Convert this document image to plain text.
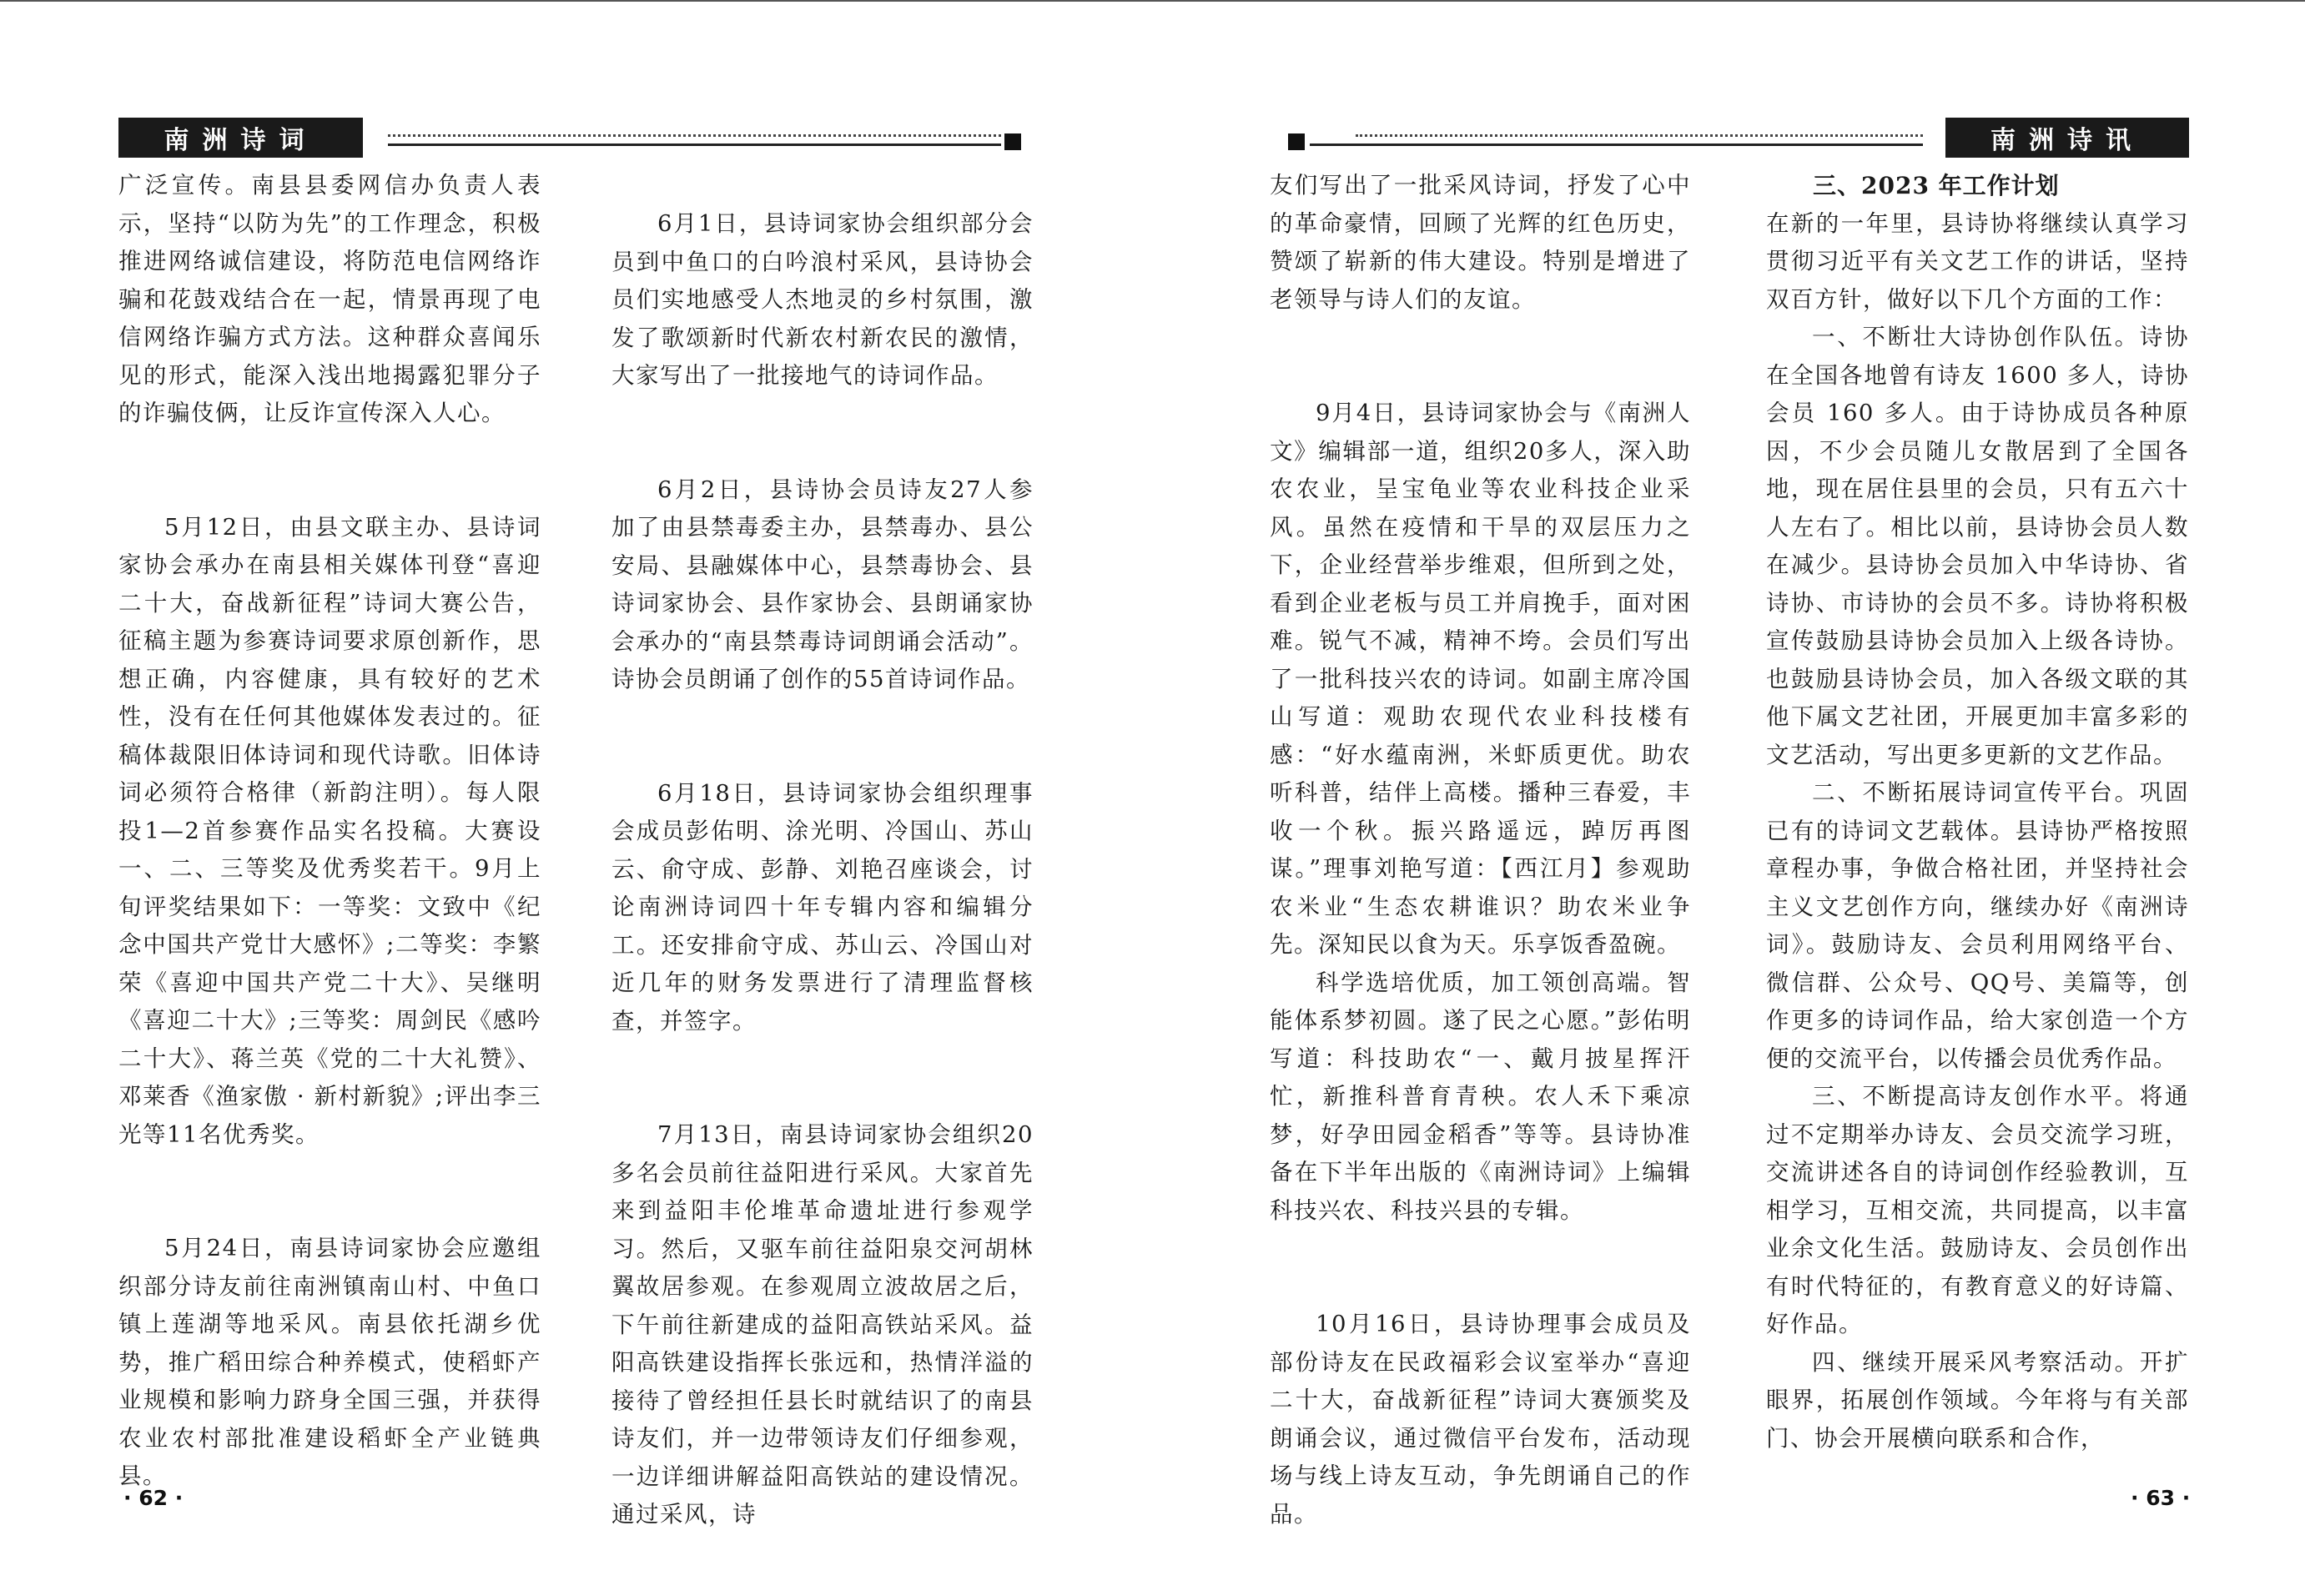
南洲诗词

广泛宣传。南县县委网信办负责人表示，坚持“以防为先”的工作理念，积极推进网络诚信建设，将防范电信网络诈骗和花鼓戏结合在一起，情景再现了电信网络诈骗方式方法。这种群众喜闻乐见的形式，能深入浅出地揭露犯罪分子的诈骗伎俩，让反诈宣传深入人心。

5月12日，由县文联主办、县诗词家协会承办在南县相关媒体刊登“喜迎二十大，奋战新征程”诗词大赛公告，征稿主题为参赛诗词要求原创新作，思想正确，内容健康，具有较好的艺术性，没有在任何其他媒体发表过的。征稿体裁限旧体诗词和现代诗歌。旧体诗词必须符合格律（新韵注明）。每人限投1—2首参赛作品实名投稿。大赛设一、二、三等奖及优秀奖若干。9月上旬评奖结果如下：一等奖：文致中《纪念中国共产党廿大感怀》;二等奖：李繁荣《喜迎中国共产党二十大》、吴继明《喜迎二十大》;三等奖：周剑民《感吟二十大》、蒋兰英《党的二十大礼赞》、邓莱香《渔家傲 · 新村新貌》;评出李三光等11名优秀奖。

5月24日，南县诗词家协会应邀组织部分诗友前往南洲镇南山村、中鱼口镇上莲湖等地采风。南县依托湖乡优势，推广稻田综合种养模式，使稻虾产业规模和影响力跻身全国三强，并获得农业农村部批准建设稻虾全产业链典县。

6月1日，县诗词家协会组织部分会员到中鱼口的白吟浪村采风，县诗协会员们实地感受人杰地灵的乡村氛围，激发了歌颂新时代新农村新农民的激情，大家写出了一批接地气的诗词作品。

6月2日，县诗协会员诗友27人参加了由县禁毒委主办，县禁毒办、县公安局、县融媒体中心，县禁毒协会、县诗词家协会、县作家协会、县朗诵家协会承办的“南县禁毒诗词朗诵会活动”。诗协会员朗诵了创作的55首诗词作品。

6月18日，县诗词家协会组织理事会成员彭佑明、涂光明、冷国山、苏山云、俞守成、彭静、刘艳召座谈会，讨论南洲诗词四十年专辑内容和编辑分工。还安排俞守成、苏山云、冷国山对近几年的财务发票进行了清理监督核查，并签字。

7月13日，南县诗词家协会组织20多名会员前往益阳进行采风。大家首先来到益阳丰伦堆革命遗址进行参观学习。然后，又驱车前往益阳泉交河胡林翼故居参观。在参观周立波故居之后，下午前往新建成的益阳高铁站采风。益阳高铁建设指挥长张远和，热情洋溢的接待了曾经担任县长时就结识了的南县诗友们，并一边带领诗友们仔细参观，一边详细讲解益阳高铁站的建设情况。通过采风，诗

· 62 ·
南洲诗讯

友们写出了一批采风诗词，抒发了心中的革命豪情，回顾了光辉的红色历史，赞颂了崭新的伟大建设。特别是增进了老领导与诗人们的友谊。

9月4日，县诗词家协会与《南洲人文》编辑部一道，组织20多人，深入助农农业，呈宝龟业等农业科技企业采风。虽然在疫情和干旱的双层压力之下，企业经营举步维艰，但所到之处，看到企业老板与员工并肩挽手，面对困难。锐气不减，精神不垮。会员们写出了一批科技兴农的诗词。如副主席冷国山写道：观助农现代农业科技楼有感：“好水蕴南洲，米虾质更优。助农听科普，结伴上高楼。播种三春爱，丰收一个秋。振兴路遥远，踔厉再图谋。”理事刘艳写道：【西江月】参观助农米业“生态农耕谁识？助农米业争先。深知民以食为天。乐享饭香盈碗。

科学选培优质，加工领创高端。智能体系梦初圆。遂了民之心愿。”彭佑明写道：科技助农“一、戴月披星挥汗忙，新推科普育青秧。农人禾下乘凉梦，好孕田园金稻香”等等。县诗协准备在下半年出版的《南洲诗词》上编辑科技兴农、科技兴县的专辑。

10月16日，县诗协理事会成员及部份诗友在民政福彩会议室举办“喜迎二十大，奋战新征程”诗词大赛颁奖及朗诵会议，通过微信平台发布，活动现场与线上诗友互动，争先朗诵自己的作品。

三、2023 年工作计划

在新的一年里，县诗协将继续认真学习贯彻习近平有关文艺工作的讲话，坚持双百方针，做好以下几个方面的工作：

一、不断壮大诗协创作队伍。诗协在全国各地曾有诗友 1600 多人，诗协会员 160 多人。由于诗协成员各种原因，不少会员随儿女散居到了全国各地，现在居住县里的会员，只有五六十人左右了。相比以前，县诗协会员人数在减少。县诗协会员加入中华诗协、省诗协、市诗协的会员不多。诗协将积极宣传鼓励县诗协会员加入上级各诗协。也鼓励县诗协会员，加入各级文联的其他下属文艺社团，开展更加丰富多彩的文艺活动，写出更多更新的文艺作品。

二、不断拓展诗词宣传平台。巩固已有的诗词文艺载体。县诗协严格按照章程办事，争做合格社团，并坚持社会主义文艺创作方向，继续办好《南洲诗词》。鼓励诗友、会员利用网络平台、微信群、公众号、QQ号、美篇等，创作更多的诗词作品，给大家创造一个方便的交流平台，以传播会员优秀作品。

三、不断提高诗友创作水平。将通过不定期举办诗友、会员交流学习班，交流讲述各自的诗词创作经验教训，互相学习，互相交流，共同提高，以丰富业余文化生活。鼓励诗友、会员创作出有时代特征的，有教育意义的好诗篇、好作品。

四、继续开展采风考察活动。开扩眼界，拓展创作领域。今年将与有关部门、协会开展横向联系和合作，

· 63 ·
